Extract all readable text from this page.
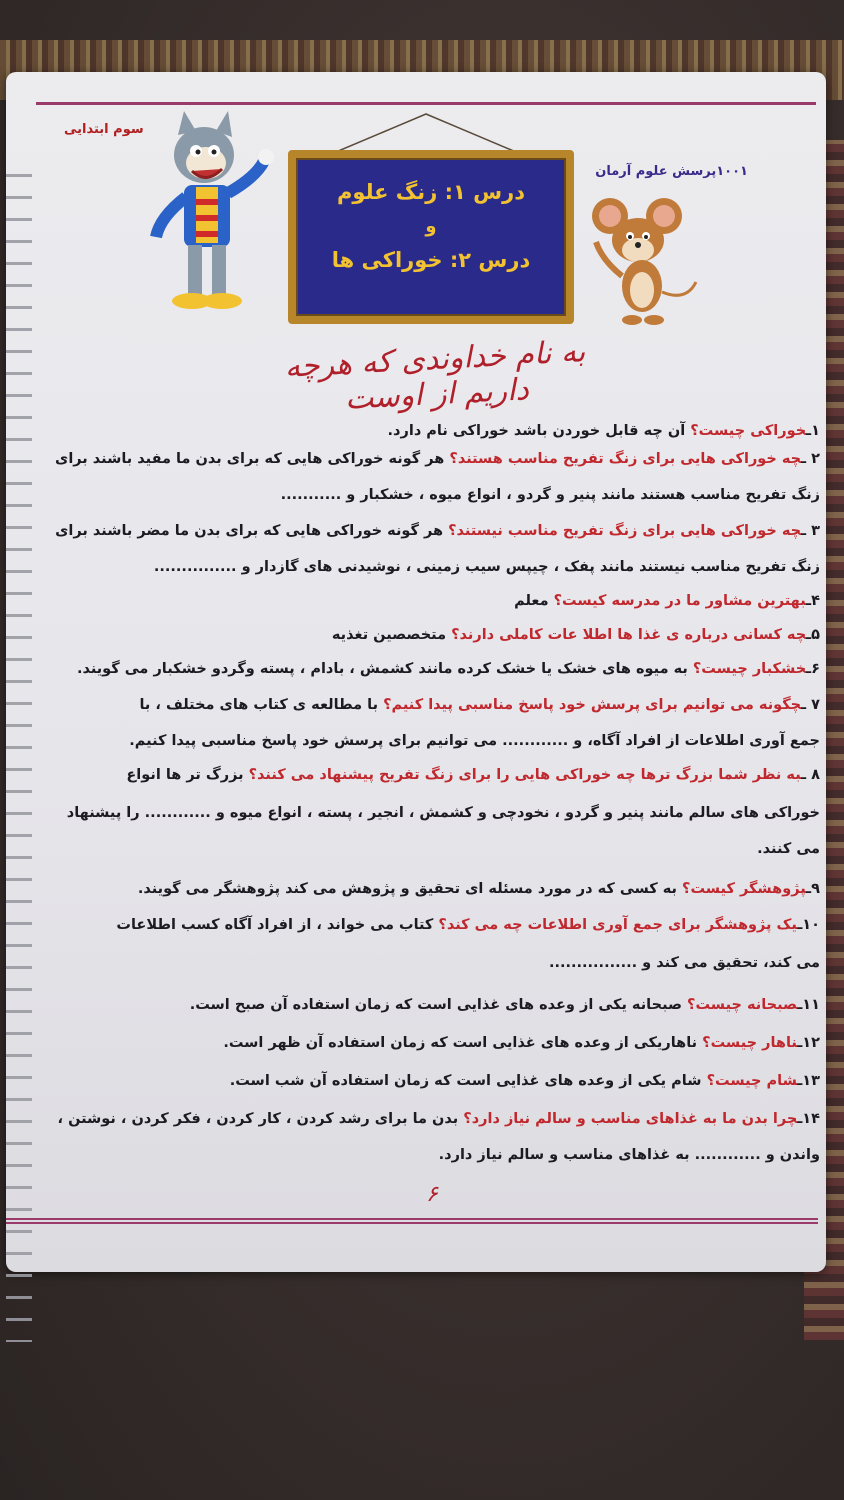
سوم ابتدایی
۱۰۰۱پرسش علوم آرمان
درس ۱: زنگ علوم
و
درس ۲: خوراکی ها
به نام خداوندی که هرچه داریم از اوست
۱ـخوراکی چیست؟ آن چه قابل خوردن باشد خوراکی نام دارد.
۲ ـچه خوراکی هایی برای زنگ تفریح مناسب هستند؟ هر گونه خوراکی هایی که برای بدن ما مفید باشند برای
زنگ تفریح مناسب هستند مانند پنیر و گردو ، انواع میوه ، خشکبار و ...........
۳ ـچه خوراکی هایی برای زنگ تفریح مناسب نیستند؟ هر گونه خوراکی هایی که برای بدن ما مضر باشند برای
زنگ تفریح مناسب نیستند مانند پفک ، چیپس سیب زمینی ، نوشیدنی های گازدار و ...............
۴ـبهترین مشاور ما در مدرسه کیست؟ معلم
۵ـچه کسانی درباره ی غذا ها اطلا عات کاملی دارند؟ متخصصین تغذیه
۶ـخشکبار چیست؟ به میوه های خشک یا خشک کرده مانند کشمش ، بادام ، پسته وگردو خشکبار می گویند.
۷ ـچگونه می توانیم برای پرسش خود پاسخ مناسبی پیدا کنیم؟ با مطالعه ی کتاب های مختلف ، با
جمع آوری اطلاعات از افراد آگاه، و ............ می توانیم برای پرسش خود پاسخ مناسبی پیدا کنیم.
۸ ـبه نظر شما بزرگ ترها چه خوراکی هایی را برای زنگ تفریح پیشنهاد می کنند؟ بزرگ تر ها انواع
خوراکی های سالم مانند پنیر و گردو ، نخودچی و کشمش ، انجیر ، پسته ، انواع میوه و ............ را پیشنهاد
می کنند.
۹ـپژوهشگر کیست؟ به کسی که در مورد مسئله ای تحقیق و پژوهش می کند پژوهشگر می گویند.
۱۰ـیک پژوهشگر برای جمع آوری اطلاعات چه می کند؟ کتاب می خواند ، از افراد آگاه کسب اطلاعات
می کند، تحقیق می کند و ................
۱۱ـصبحانه چیست؟ صبحانه یکی از وعده های غذایی است که زمان استفاده آن صبح است.
۱۲ـناهار چیست؟ ناهاریکی از وعده های غذایی است که زمان استفاده آن ظهر است.
۱۳ـشام چیست؟ شام یکی از وعده های غذایی است که زمان استفاده آن شب است.
۱۴ـچرا بدن ما به غذاهای مناسب و سالم نیاز دارد؟ بدن ما برای رشد کردن ، کار کردن ، فکر کردن ، نوشتن ،
واندن و ............ به غذاهای مناسب و سالم نیاز دارد.
۶
